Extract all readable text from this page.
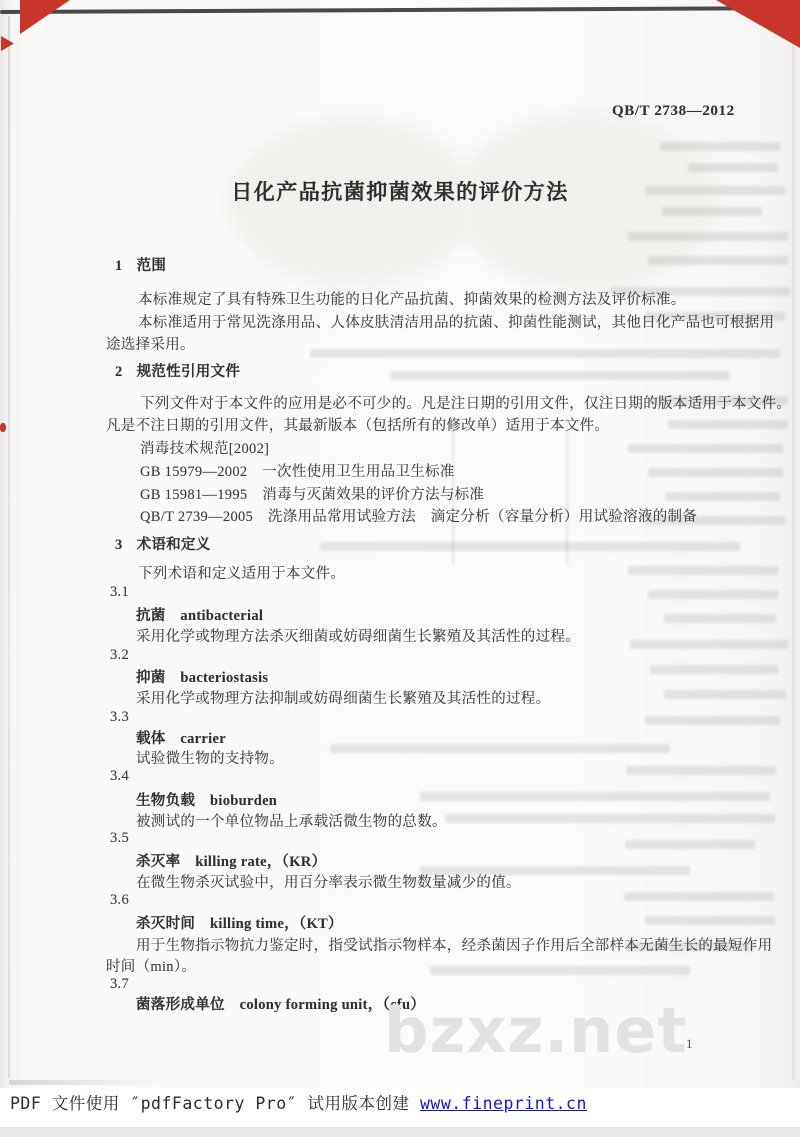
QB/T 2738—2012
日化产品抗菌抑菌效果的评价方法
1 范围
本标准规定了具有特殊卫生功能的日化产品抗菌、抑菌效果的检测方法及评价标准。
本标准适用于常见洗涤用品、人体皮肤清洁用品的抗菌、抑菌性能测试，其他日化产品也可根据用
途选择采用。
2 规范性引用文件
下列文件对于本文件的应用是必不可少的。凡是注日期的引用文件，仅注日期的版本适用于本文件。
凡是不注日期的引用文件，其最新版本（包括所有的修改单）适用于本文件。
消毒技术规范[2002]
GB 15979—2002　一次性使用卫生用品卫生标准
GB 15981—1995　消毒与灭菌效果的评价方法与标准
QB/T 2739—2005　洗涤用品常用试验方法　滴定分析（容量分析）用试验溶液的制备
3 术语和定义
下列术语和定义适用于本文件。
3.1
抗菌　antibacterial
采用化学或物理方法杀灭细菌或妨碍细菌生长繁殖及其活性的过程。
3.2
抑菌　bacteriostasis
采用化学或物理方法抑制或妨碍细菌生长繁殖及其活性的过程。
3.3
载体　carrier
试验微生物的支持物。
3.4
生物负载　bioburden
被测试的一个单位物品上承载活微生物的总数。
3.5
杀灭率　killing rate，（KR）
在微生物杀灭试验中，用百分率表示微生物数量减少的值。
3.6
杀灭时间　killing time，（KT）
用于生物指示物抗力鉴定时，指受试指示物样本，经杀菌因子作用后全部样本无菌生长的最短作用
时间（min）。
3.7
菌落形成单位　colony forming unit，（cfu）
bzxz.net
1
PDF 文件使用 ″pdfFactory Pro″ 试用版本创建 www.fineprint.cn
